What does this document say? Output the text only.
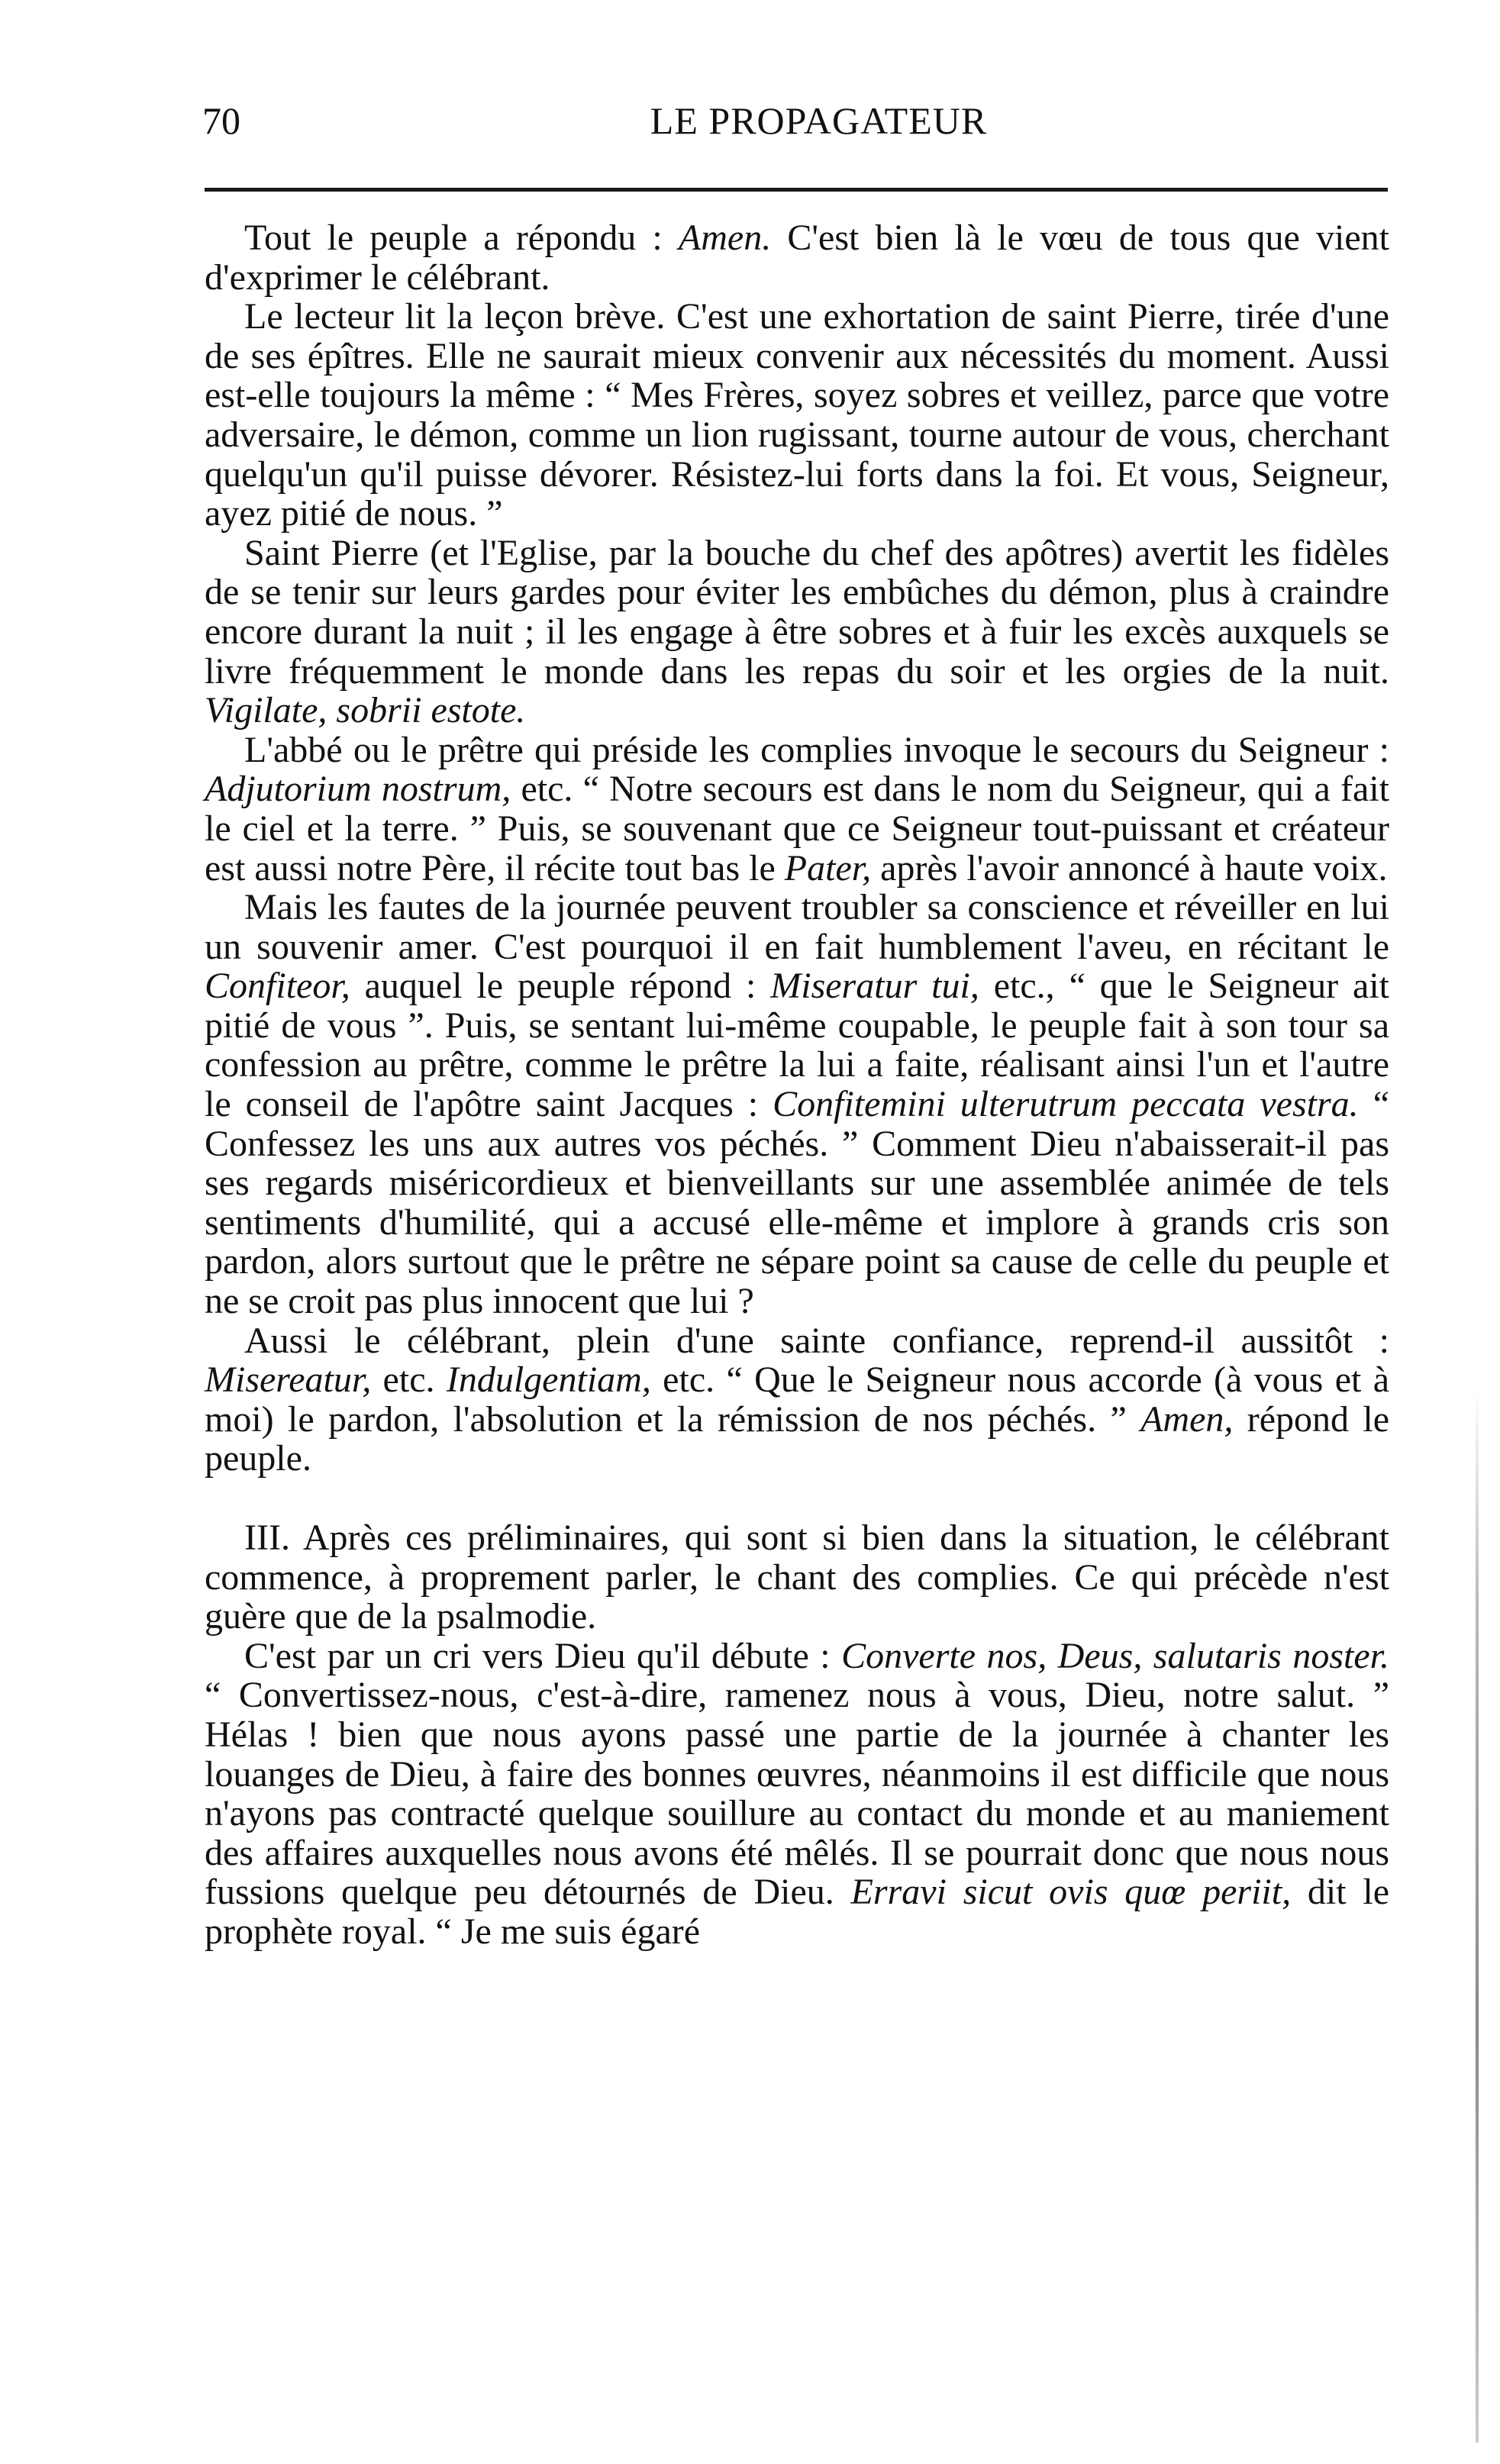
70	LE PROPAGATEUR

Tout le peuple a répondu : Amen. C'est bien là le vœu de tous que vient d'exprimer le célébrant.

Le lecteur lit la leçon brève. C'est une exhortation de saint Pierre, tirée d'une de ses épîtres. Elle ne saurait mieux convenir aux nécessités du moment. Aussi est-elle toujours la même : “ Mes Frères, soyez sobres et veillez, parce que votre adversaire, le démon, comme un lion rugissant, tourne autour de vous, cherchant quelqu'un qu'il puisse dévorer. Résistez-lui forts dans la foi. Et vous, Seigneur, ayez pitié de nous. ”

Saint Pierre (et l'Eglise, par la bouche du chef des apôtres) avertit les fidèles de se tenir sur leurs gardes pour éviter les embûches du démon, plus à craindre encore durant la nuit ; il les engage à être sobres et à fuir les excès auxquels se livre fréquemment le monde dans les repas du soir et les orgies de la nuit. Vigilate, sobrii estote.

L'abbé ou le prêtre qui préside les complies invoque le secours du Seigneur : Adjutorium nostrum, etc. “ Notre secours est dans le nom du Seigneur, qui a fait le ciel et la terre. ” Puis, se souvenant que ce Seigneur tout-puissant et créateur est aussi notre Père, il récite tout bas le Pater, après l'avoir annoncé à haute voix.

Mais les fautes de la journée peuvent troubler sa conscience et réveiller en lui un souvenir amer. C'est pourquoi il en fait humblement l'aveu, en récitant le Confiteor, auquel le peuple répond : Miseratur tui, etc., “ que le Seigneur ait pitié de vous ”. Puis, se sentant lui-même coupable, le peuple fait à son tour sa confession au prêtre, comme le prêtre la lui a faite, réalisant ainsi l'un et l'autre le conseil de l'apôtre saint Jacques : Confitemini ulterutrum peccata vestra. “ Confessez les uns aux autres vos péchés. ” Comment Dieu n'abaisserait-il pas ses regards miséricordieux et bienveillants sur une assemblée animée de tels sentiments d'humilité, qui a accusé elle-même et implore à grands cris son pardon, alors surtout que le prêtre ne sépare point sa cause de celle du peuple et ne se croit pas plus innocent que lui ?

Aussi le célébrant, plein d'une sainte confiance, reprend-il aussitôt : Misereatur, etc. Indulgentiam, etc. “ Que le Seigneur nous accorde (à vous et à moi) le pardon, l'absolution et la rémission de nos péchés. ” Amen, répond le peuple.

III. Après ces préliminaires, qui sont si bien dans la situation, le célébrant commence, à proprement parler, le chant des complies. Ce qui précède n'est guère que de la psalmodie.

C'est par un cri vers Dieu qu'il débute : Converte nos, Deus, salutaris noster. “ Convertissez-nous, c'est-à-dire, ramenez nous à vous, Dieu, notre salut. ” Hélas ! bien que nous ayons passé une partie de la journée à chanter les louanges de Dieu, à faire des bonnes œuvres, néanmoins il est difficile que nous n'ayons pas contracté quelque souillure au contact du monde et au maniement des affaires auxquelles nous avons été mêlés. Il se pourrait donc que nous nous fussions quelque peu détournés de Dieu. Erravi sicut ovis quœ periit, dit le prophète royal. “ Je me suis égaré
